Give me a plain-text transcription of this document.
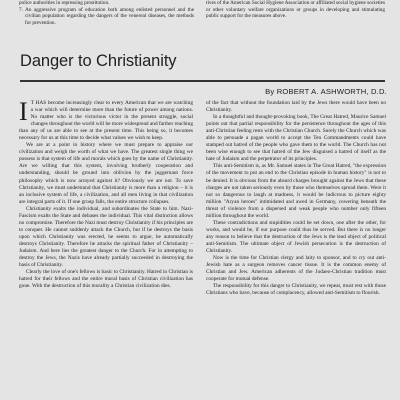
police authorities in repressing prostitution.

7. An aggressive program of education both among enlisted personnel and the civilian population regarding the dangers of the venereal diseases, the methods for prevention.

tives of the American Social Hygiene Association or affiliated social hygiene societies or other voluntary welfare organizations or groups in developing and stimulating public support for the measures above.

Danger to Christianity
By ROBERT A. ASHWORTH, D.D.

I T HAS become increasingly clear to every American that we are watching a war which will determine more than the future of power among nations. No matter who is the victorious victor in the present struggle, social changes throughout the world will be more widespread and farther reaching than any of us are able to see at the present time. This being so, it becomes necessary for us at this time to decide what values we wish to keep.

We are at a point in history where we must prepare to appraise our civilization and weigh the worth of what we have. The greatest single thing we possess is that system of life and morals which goes by the name of Christianity. Are we willing that this system, involving brotherly cooperation and understanding, should be ground into oblivion by the juggernaut force philosophy which is now arrayed against it? Obviously we are not. To save Christianity, we must understand that Christianity is more than a religion – it is an inclusive system of life, a civilization, and all men living in that civilization are integral parts of it. If one group falls, the entire structure collapses.

Christianity exalts the individual, and subordinates the State to him. Nazi-Fascism exalts the State and debases the individual. This vital distinction allows no compromise. Therefore the Nazi must destroy Christianity if his principles are to conquer. He cannot suddenly attack the Church, but if he destroys the basis upon which Christianity was erected, he seems to argue, he automatically destroys Christianity. Therefore he attacks the spiritual father of Christianity – Judaism. And here lies the greatest danger to the Church. For in attempting to destroy the Jews, the Nazis have already partially succeeded in destroying the basis of Christianity.

Clearly the love of one's fellows is basic to Christianity. Hatred in Christian is hatred for their fellows and the entire moral basis of Christian civilization has gone. With the destruction of this morality a Christian civilization dies.

of the fact that without the foundation laid by the Jews there would have been no Christianity.

In a thoughtful and thought-provoking book, The Great Hatred, Maurice Samuel points out that partial responsibility for the persistence throughout the ages of this anti-Christian feeling rests with the Christian Church. Surely the Church which was able to persuade a pagan world to accept the Ten Commandments could have stamped out hatred of the people who gave them to the world. The Church has not been wise enough to see that hatred of the Jew disguised a hatred of itself as the hate of Judaism and the perpetrator of its principles.

This anti-Semitism is, as Mr. Samuel states in The Great Hatred, "the expression of the movement to put an end to the Christian episode in human history" is not to be denied. It is obvious from the absurd charges brought against the Jews that these charges are not taken seriously even by those who themselves spread them. Were it not so dangerous to laugh at madness, it would be ludicrous to picture eighty million "Aryan heroes" intimidated and awed in Germany, cowering beneath the threat of violence from a dispersed and weak people who number only fifteen million throughout the world.

These contradictions and stupidities could be set down, one after the other, for works, and would be, if our purpose could thus be served. But there is no longer any reason to believe that the destruction of the Jews is the lead object of political anti-Semitism. The ultimate object of Jewish persecution is the destruction of Christianity.

Now is the time for Christian clergy and laity to sponsor, and to cry out anti-Jewish hate as a surgeon removes cancer tissue. It is the common enemy of Christian and Jew. American adherents of the Judaeo-Christian tradition must cooperate for mutual defense.

The responsibility for this danger to Christianity, we repeat, must rest with those Christians who have, because of complacency, allowed anti-Semitism to flourish.
